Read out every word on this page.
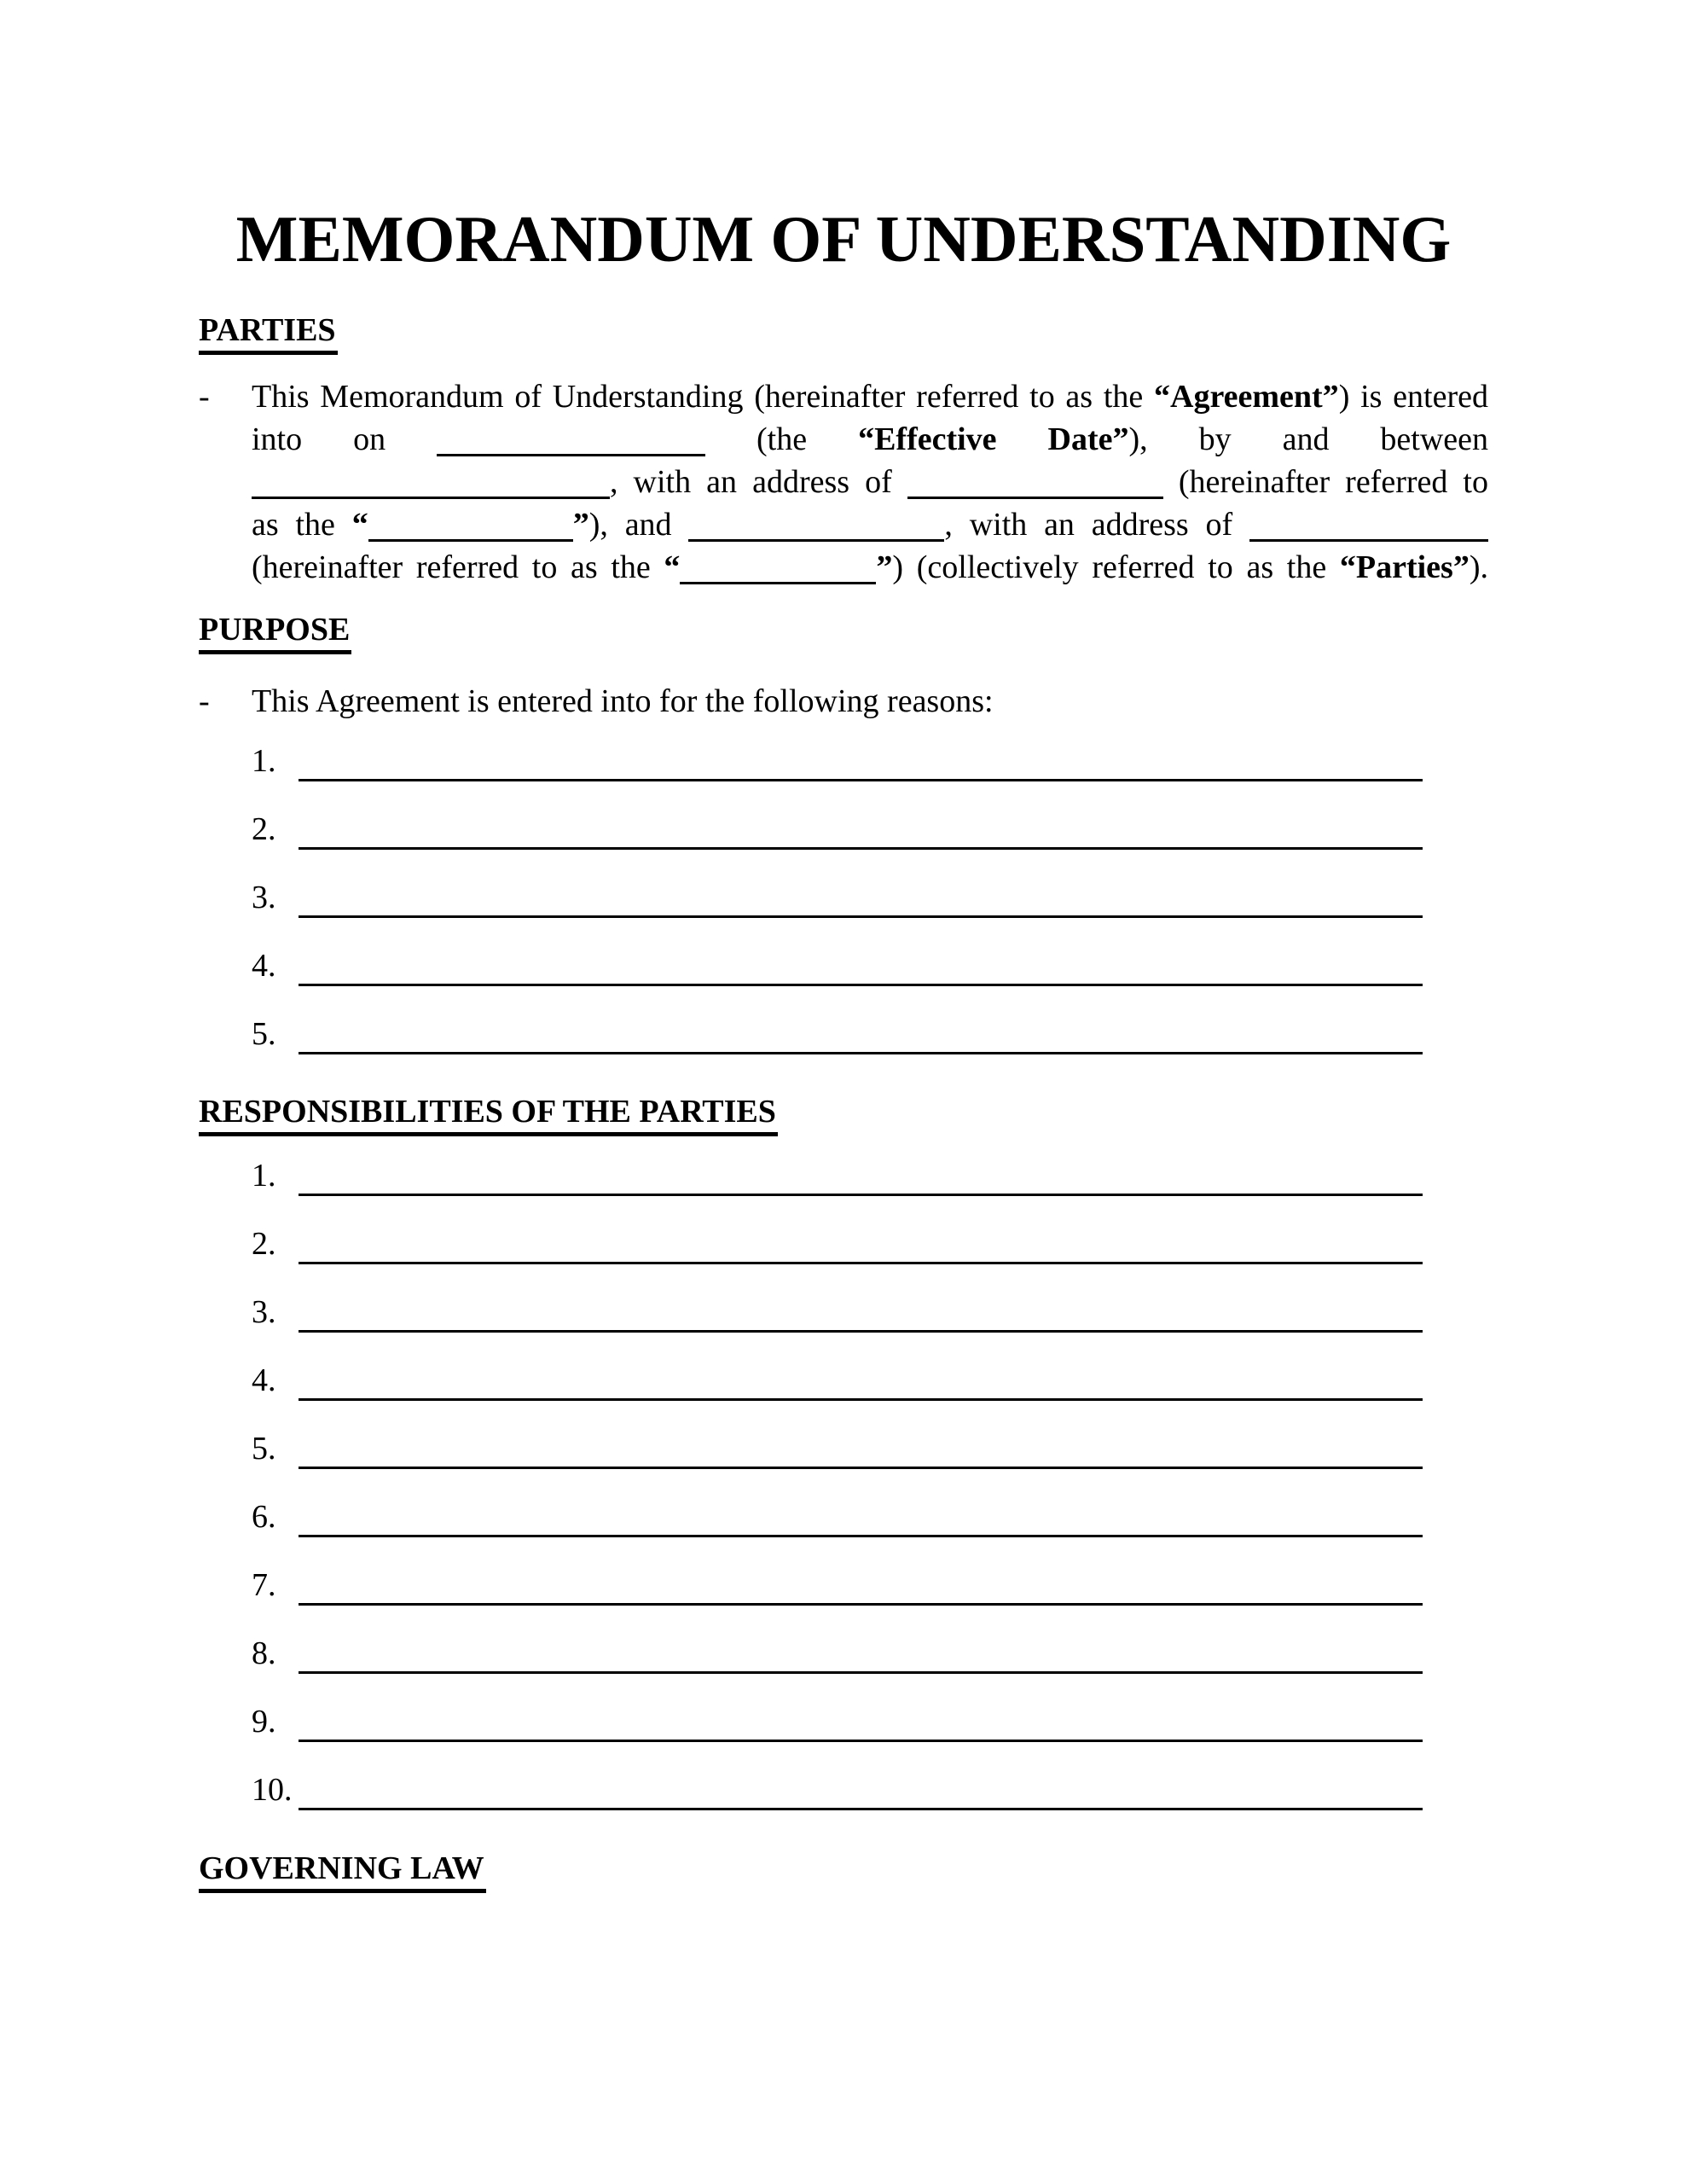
MEMORANDUM OF UNDERSTANDING
PARTIES
- This Memorandum of Understanding (hereinafter referred to as the “Agreement”) is entered
into on	(the “Effective Date”), by and between
, with an address of	(hereinafter referred to
as the “	”), and	, with an address of
(hereinafter referred to as the “	”) (collectively referred to as the “Parties”).
PURPOSE
- This Agreement is entered into for the following reasons:
1.
2.
3.
4.
5.
RESPONSIBILITIES OF THE PARTIES
1.
2.
3.
4.
5.
6.
7.
8.
9.
10.
GOVERNING LAW
